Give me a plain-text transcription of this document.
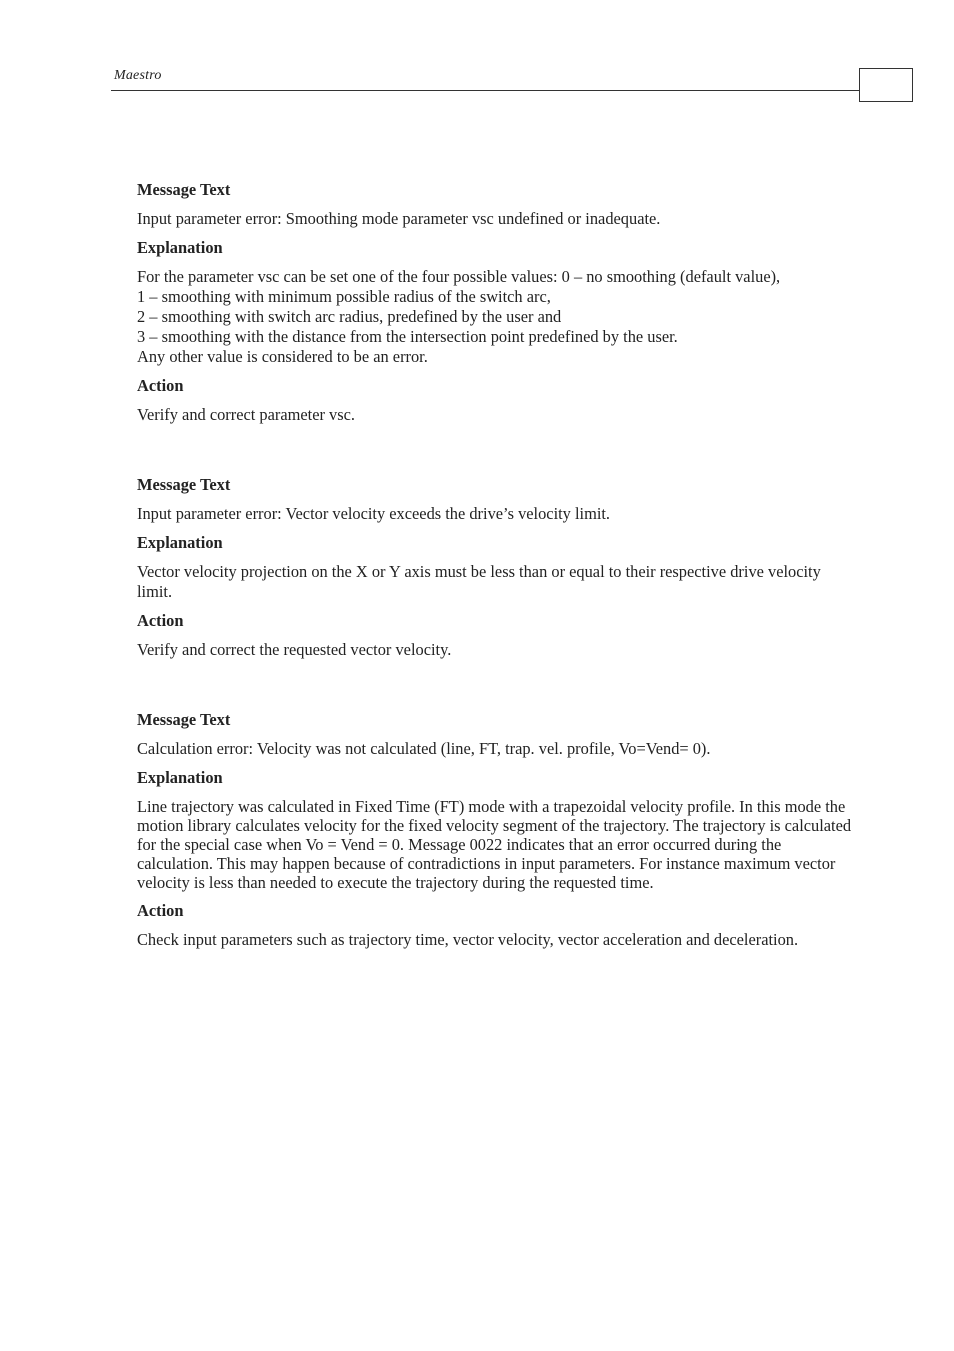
Maestro
Message Text
Input parameter error: Smoothing mode parameter vsc undefined or inadequate.
Explanation
For the parameter vsc can be set one of the four possible values: 0 – no smoothing (default value),
1 – smoothing with minimum possible radius of the switch arc,
2 – smoothing with switch arc radius, predefined by the user and
3 – smoothing with the distance from the intersection point predefined by the user.
Any other value is considered to be an error.
Action
Verify and correct parameter vsc.
Message Text
Input parameter error: Vector velocity exceeds the drive’s velocity limit.
Explanation
Vector velocity projection on the X or Y axis must be less than or equal to their respective drive velocity limit.
Action
Verify and correct the requested vector velocity.
Message Text
Calculation error: Velocity was not calculated (line, FT, trap. vel. profile, Vo=Vend= 0).
Explanation
Line trajectory was calculated in Fixed Time (FT) mode with a trapezoidal velocity profile. In this mode the motion library calculates velocity for the fixed velocity segment of the trajectory. The trajectory is calculated for the special case when Vo = Vend = 0. Message 0022 indicates that an error occurred during the calculation. This may happen because of contradictions in input parameters. For instance maximum vector velocity is less than needed to execute the trajectory during the requested time.
Action
Check input parameters such as trajectory time, vector velocity, vector acceleration and deceleration.
